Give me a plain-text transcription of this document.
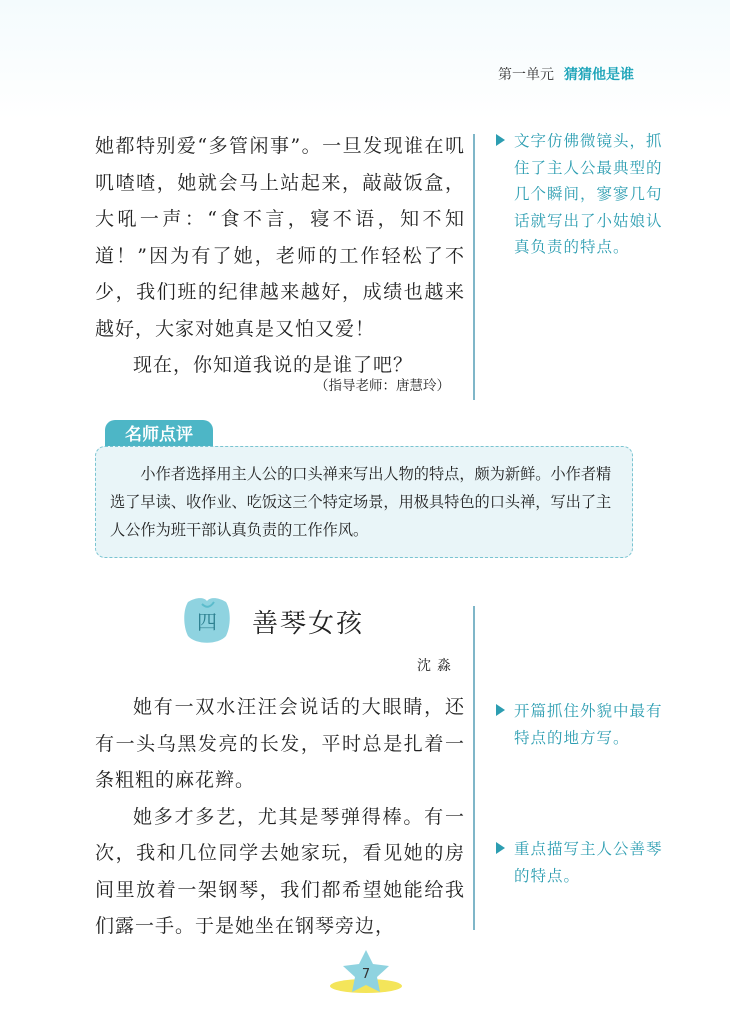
第一单元 猜猜他是谁

她都特别爱“多管闲事”。一旦发现谁在叽叽喳喳，她就会马上站起来，敲敲饭盒，大吼一声：“食不言，寝不语，知不知道！”因为有了她，老师的工作轻松了不少，我们班的纪律越来越好，成绩也越来越好，大家对她真是又怕又爱！

现在，你知道我说的是谁了吧？

（指导老师：唐慧玲）
文字仿佛微镜头，抓住了主人公最典型的几个瞬间，寥寥几句话就写出了小姑娘认真负责的特点。
名师点评

小作者选择用主人公的口头禅来写出人物的特点，颇为新鲜。小作者精选了早读、收作业、吃饭这三个特定场景，用极具特色的口头禅，写出了主人公作为班干部认真负责的工作作风。

四 善琴女孩
沈淼

她有一双水汪汪会说话的大眼睛，还有一头乌黑发亮的长发，平时总是扎着一条粗粗的麻花辫。

她多才多艺，尤其是琴弹得棒。有一次，我和几位同学去她家玩，看见她的房间里放着一架钢琴，我们都希望她能给我们露一手。于是她坐在钢琴旁边，

开篇抓住外貌中最有特点的地方写。
重点描写主人公善琴的特点。
7
